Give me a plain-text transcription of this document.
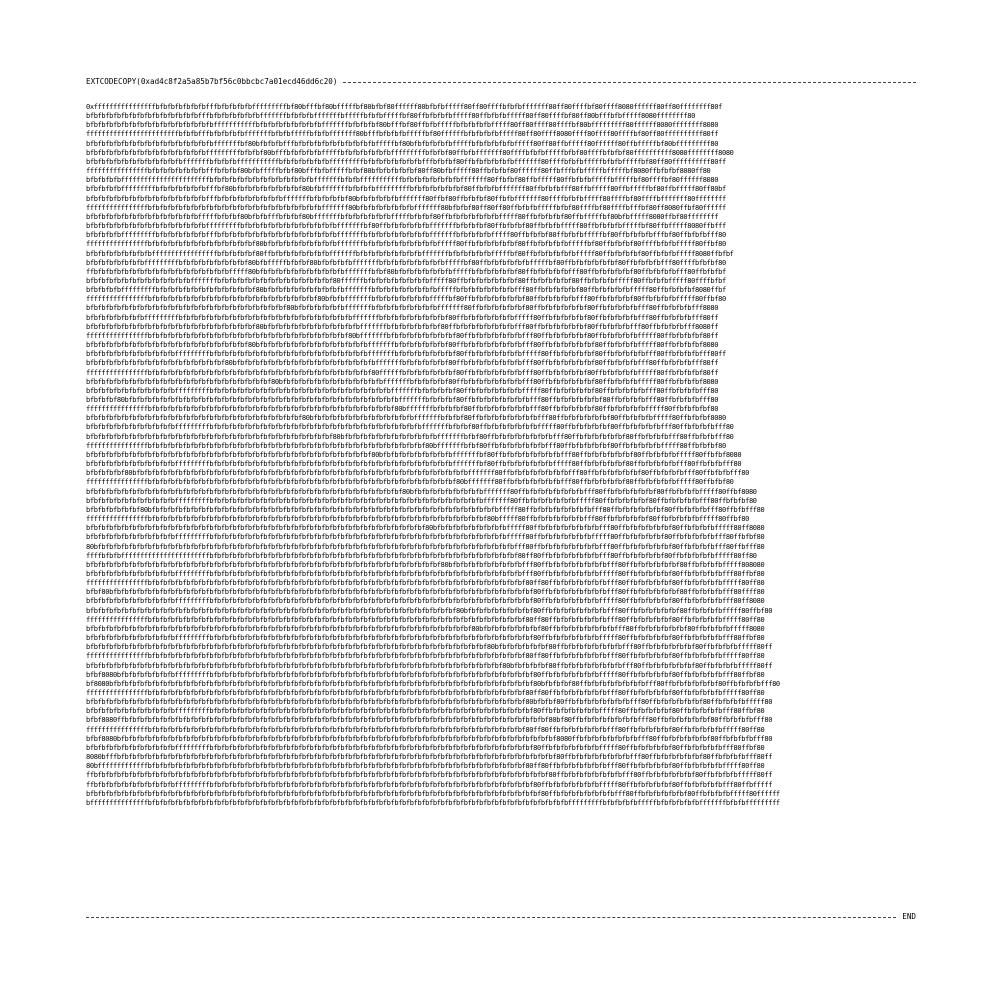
EXTCODECOPY(0xad4c8f2a5a85b7bf56c0bbcbc7a01ecd46dd6c20)
0xffffffffffffffffbfbfbfbfbfbfbfffbfbfbfbfbfffffffffbf80bfffbf80bfffffbf80bfbf80ffffff80bfbfbfffff80ff80ffffbfbfbfffffff80ff80ffffbf80ffff8080ffffff80ff80ffffffff80f
bfbfbfbfbfbfbfbfbfbfbfbfbfbfbfffbfbfbfbfbfbfbfffffffbfbfbfbfffffffbfffffbfbfbfffffbf80ffbfbfbfbfffff80ffbfbfbfffff80ff80ffffbf80ff80bfffbfbfffff8080ffffffff80
bfbfbfbfbfbfbfbfbfbfbfbfbfbfbfbfbfffffffffffbfbfbfbfbfbfbfbfbfffffffbfbfbfbf80bfffbf80ffbfbfffffbfbfbfbfbfffff80ff80ffff80ffffbf80bfffffffff80ffffff8080ffffffff8080
ffffffffffffffffffffffffbfbfbfffbfbfbfbfbfffffffbfbfbfffffbfbfbfffffff80bfffbfbfbfbfffffbf80ffffffbfbfbfbfbfffff80ff80ffff8080ffff80ffff80ffffbf80ff80ffffffffff80ff
bfbfbfbfbfbfbfbfbfbfbfbfbfbfbfbfbfffffffbf80bfbfbfbfffbfbfbfbfbfbfbfbfbfbfbfffffbf80bfbfbfbfbfbfffffbfbfbfbfbfbfffff80ff80ffbfffff80ffffff80ffbfffffbf80bfffffffff80
bfbfbfbfbfbfbfbfbfbfbfbfbfbfbfbfffffffffbfbfbf80bfffbfbfbfbfbfffffbfbfbfbfbfbfbfffffffffbfbfbf80ffbfbfffffff80ffffbfbfbfffffbfbf80ffffbfbfbf80ffffffffff8080ffffffff8080
bfbfbfbfbfbfbfbfbfbfbfbfbfffffffbfbfbfbfffffffffffbfbfbfbfbfbfbfffffffffbfbfbfbfbfbfbfbfffbfbfbf80ffbfbfbfbfbfbfffffff80ffffbfbfbfffffbfbfbfffffbf80ff80ffffffffff80ff
ffffffffffffffffbfbfbfbfbfbfbfbfffbfbfbf80bfbfffffbfbf80bfffbfbfffffbfbf80bfbfbfbfbfbf80ff80bfbfffff80ffbfbfbf80ffffff80ffbfffbfbfffffbfffffbf8080ffbfbfbf8080ff80
bfbfbfbfbfffffffffffffffffffffffbfbfbfbfbfbfbfbfbfbfbfbfbfbfffffffbfbfbfffffffffffbfbfbfbfbfbfbfbfffffff80ffbfbf80ffbfffff80ffbfbfbfffffbfffffbf80ffffbf80ffffff8080
bfbfbfbfbfffffffffbfbfbfbfbfbfbfffbf80bfbfbfbfbfbfbfbfbf80bfbfffffffbfbfbfbfffffffffbfbfbfbfbfbfbf80ffbfbfbfffffff80ffbfbfbfff80ffbfffff80ffbfffffbf80ffbfffff80ff80bf
bfbfbfbfbfbfbfbfbfbfbfbfbfbfbfbfffbfbfbfbfbfbfbfbfbfffffffbfbfbfbfbf80bfbfbfbfbfbfffffff80ffbf80ffbfbfbf80ffbfbfffffff80ffffbfbfbfffff80ffffbf80ffffbfffffff80ffffffff
ffffffffffffffffbfbfbfbfbfbfbfbfbfbfbfbfbfbfbfbfbfbfbfbfbfbfbfffffff80bfbfbfbfbfbfbfbfffffff80bfbfbf80ff80ff80ffbfbfbfffffbfbf80ffffbf80ffffbfffbf80ff8080ffbf80ffffff
bfbfbfbfbfbfbfbfbfbfbfbfbfbfbfffffbfbfbf80bfbfbfffbfbfbf80bfffffffbfbfbfbfbfbfbfffffbfbfbf80ffbfbfbfbfbfbfbfffff80ffbfbfbfbf80ffbfffffbf80bfbfffff8080ffbf80ffffffff
bfbfbfbfbfbfbfbfbfbfbfbfbfbfbfbfffffffffbfbfbfbfbfbfbfbfbfbfbfbfbfffffffbf80ffbfbfbfbfbfbfffffffbfbfbfbf80ffbfbfbf80ffbfbfbfffff80ffbfbfbfbfffffbf80ffbfffff8080ffbfff
bfbfbfbfbfffffffffbfbfbfbfbfbfbfffbfbfbfbfbfbfbfbfbfbfbfbfbfbfbfbfffffffbfbfbfbfbfbfbfbfbfffffffbfbfbfbfbfffff80ffbfbfbf80ffbfbfbfffffbf80ffbfbfbfbfffbf80ffbfbfbfff80
ffffffffffffffffbfbfbfbfbfbfbfbfbfbfbfbfbfbf80bfbfbfbfbfbfbfbfbfbfffffffbfbfbfbfbfbfbfbfbfbfffff80ffbfbfbfbfbfbf80ffbfbfbfbfbfffffbf80ffbfbfbf80ffffbfbfbfffff80ffbf80
bfbfbfbfbfbfbfbfbfffffffffffffffffbfbfbfbfbf80ffbfbfbfbfbfbfbfbfffffffbfbfbfbfbfbfbfbfbfffffffbfbfbfbfbfbfffffbf80ffbfbfbfbfbfbfffff80ffbfbfbfbf80ffbfbfbfffff8080ffbfbf
bfbfbfbfbfbfbfbfffffffffbfbfbfbfbfbfbfbfbf80bfbfffffbfbfbf80bfbfbfbfbfffffffbfbfbfbfbfbfbfbfbfffffbf80ffbfbfbfbfbfbfffffbf80ffbfbfbfbfbfbf80ffbfbfbfbfff80ffffbfbfbf80
ffbfbfbfbfbfbfbfbfbfbfbfbfbfbfbfbfbfbfffff80bfbfbfbfbfbfbfbfbfbfbfbfffffffbfbf80bfbfbfbfbfbfbfbfffffbfbfbfbfbfbf80ffbfbfbfbfbfff80ffbfbfbfbfbf80ffbfbfbfbfff80ffbfbfbf
bfbfbfbfbfbfbfbfbfbfbfbfbfbfffffffbfbfbfbfbfbfbfbfbfbfbfbfbfbfbf80ffffffbfbfbfbfbfbfbfbfbfffff80ffbfbfbfbfbfbfbf80ffbfbfbfbfbf80ffbfbfbfbfffff80ffbfbfbfffff80ffffbfbf
bfbfbfbfbfffffffffbfbfbfbfbfbfbfbfbfbfbfbfbf80bfbfbfbfbfbfbfbfbfbfbfffffffbfbfbfbfbfbfbfbfbfffffbfbfbfbfbfbfbfbfff80ffbfbfbfbfbf80ffbfbfbfbfbfffff80ffbfbfbfbf8080ffbf
ffffffffffffffffbfbfbfbfbfbfbfbfbfbfbfbfbfbfbfbfbfbfbfbfbfbf80bfbfbfffffffbfbfbfbfbfbfbfbfffffbf80ffbfbfbfbfbfbfbf80ffbfbfbfbfbfff80ffbfbfbfbf80ffbfbfbfbfffff80ffbf80
bfbfbfbfbfbfbfbfbfbfbfbfbfbfbfbfbfbfbfbfbfbfbfbfbfbf80bfbfbfbfbfbfbfffffffbfbfbfbfbfbfbfbfbfffffff80ffbfbfbfbfbfbf80ffbfbfbfbfbfbf80ffbfbfbfbfbfff80ffbfbfbfbfff8080
bfbfbfbfbfbfbfbfffffffffbfbfbfbfbfbfbfbfbfbfbfbfbfbfbfbfbfbfbfbfbfbfbfffffffbfbfbfbfbfbfbfbfbf80ffbfbfbfbfbfbfbfffff80ffbfbfbfbfbf80ffbfbfbfbfbfff80ffbfbfbfbfff80ff
bfbfbfbfbfbfbfbfbfbfbfbfbfbfbfbfbfbfbfbfbfbf80bfbfbfbfbfbfbfbfbfbfbfbfbfffffffbfbfbfbfbfbfbf80ffbfbfbfbfbfbfbfbfff80ffbfbfbfbfbfbf80ffbfbfbfbfff80ffbfbfbfbfff8080ff
ffffffffffffffffbfbfbfbfbfbfbfbfbfbfbfbfbfbfbfbfbfbfbfbfbfbfbfbfbfbf80bfffffffbfbfbfbfbfbfbfbfbf80ffbfbfbfbfbfbfbfff80ffbfbfbfbfbf80ffbfbfbfbfbfffff80ffbfbfbfbf80ff
bfbfbfbfbfbfbfbfbfbfbfbfbfbfbfbfbfbfbfbfbf80bfbfbfbfbfbfbfbfbfbfbfbfbfbfbfffffffbfbfbfbfbfbfbf80ffbfbfbfbfbfbfbfbfff80ffbfbfbfbfbfbf80ffbfbfbfbfffff80ffbfbfbfbf8080
bfbfbfbfbfbfbfbfbfbfbfbfffffffffbfbfbfbfbfbfbfbfbfbfbfbfbfbfbfbfbfbfbfbfbfffffffbfbfbfbfbfbfbfbf80ffbfbfbfbfbfbfbfffff80ffbfbfbfbfbf80ffbfbfbfbfbfff80ffbfbfbfbfff80ff
bfbfbfbfbfbfbfbfbfbfbfbfbfbfbfbfbfbf80bfbfbfbfbfbfbfbfbfbfbfbfbfbfbfbfbfbfbfffffffbfbfbfbfbfbf80ffbfbfbfbfbfbfbfbfff80ffbfbfbfbfbfbf80ffbfbfbfbfff80ffbfbfbfbfff80ff
ffffffffffffffffbfbfbfbfbfbfbfbfbfbfbfbfbfbfbfbfbfbfbfbfbfbfbfbfbfbfbfbfbf80ffffffbfbfbfbfbfbfbf80ffbfbfbfbfbfbfbfff80ffbfbfbfbfbf80ffbfbfbfbfbfffff80ffbfbfbfbf80ff
bfbfbfbfbfbfbfbfbfbfbfbfbfbfbfbfbfbfbfbfbfbfbfbf80bfbfbfbfbfbfbfbfbfbfbfbfbfbfffffffbfbfbfbfbf80ffbfbfbfbfbfbfbfbfff80ffbfbfbfbfbfbf80ffbfbfbfbfffff80ffbfbfbfbf8080
bfbfbfbfbfbfbfbfbfbfbfbfffffffffbfbfbfbfbfbfbfbfbfbfbfbfbfbfbfbfbfbfbfbfbfbfbfbfffffffbfbfbfbfbf80ffbfbfbfbfbfbfbfffff80ffbfbfbfbfbf80ffbfbfbfbfbfff80ffbfbfbfbfff80
bfbfbfbf80bfbfbfbfbfbfbfbfbfbfbfbfbfbfbfbfbfbfbfbfbfbfbfbfbfbfbfbfbfbfbfbfbfbfbfbfffffffbfbfbfbf80ffbfbfbfbfbfbfbfbfff80ffbfbfbfbfbfbf80ffbfbfbfbfff80ffbfbfbfbfff80
ffffffffffffffffbfbfbfbfbfbfbfbfbfbfbfbfbfbfbfbfbfbfbfbfbfbfbfbfbfbfbfbfbfbfbfbf80bfffffffbfbfbfbf80ffbfbfbfbfbfbfbfff80ffbfbfbfbfbf80ffbfbfbfbfbfffff80ffbfbfbfbf80
bfbfbfbfbfbfbfbfbfbfbfbfbfbfbfbfbfbfbfbfbfbfbfbfbfbfbfbf80bfbfbfbfbfbfbfbfbfbfbfbfbfbfffffffbfbfbf80ffbfbfbfbfbfbfbfbfff80ffbfbfbfbfbfbf80ffbfbfbfbfffff80ffbfbfbf8080
bfbfbfbfbfbfbfbfbfbfbfbfffffffffbfbfbfbfbfbfbfbfbfbfbfbfbfbfbfbfbfbfbfbfbfbfbfbfbfbfbfbfffffffbfbfbf80ffbfbfbfbfbfbfbfffff80ffbfbfbfbfbf80ffbfbfbfbfbfff80ffbfbfbfbfff80
bfbfbfbfbfbfbfbfbfbfbfbfbfbfbfbfbfbfbfbfbfbfbfbfbfbfbfbfbfbfbfbf80bfbfbfbfbfbfbfbfbfbfbfbfbfffffffbfbf80ffbfbfbfbfbfbfbfbfff80ffbfbfbfbfbfbf80ffbfbfbfbfff80ffbfbfbfff80
ffffffffffffffffbfbfbfbfbfbfbfbfbfbfbfbfbfbfbfbfbfbfbfbfbfbfbfbfbfbfbfbfbfbfbfbfbfbfbfbf80bfffffffbfbf80ffbfbfbfbfbfbfbfff80ffbfbfbfbfbf80ffbfbfbfbfbfffff80ffbfbfbf80
bfbfbfbfbfbfbfbfbfbfbfbfbfbfbfbfbfbfbfbfbfbfbfbfbfbfbfbfbfbfbfbfbfbfbfbfbf80bfbfbfbfbfbfbfbfbfbfffffffbf80ffbfbfbfbfbfbfbfbfff80ffbfbfbfbfbfbf80ffbfbfbfbfffff80ffbfbf8080
bfbfbfbfbfbfbfbfbfbfbfbfffffffffbfbfbfbfbfbfbfbfbfbfbfbfbfbfbfbfbfbfbfbfbfbfbfbfbfbfbfbfbfbfbfbfffffffbf80ffbfbfbfbfbfbfbfffff80ffbfbfbfbfbf80ffbfbfbfbfbfff80ffbfbfbfff80
bfbfbfbfbf80bfbfbfbfbfbfbfbfbfbfbfbfbfbfbfbfbfbfbfbfbfbfbfbfbfbfbfbfbfbfbfbfbfbfbfbfbfbfbfbfbfbfbfbfffffff80ffbfbfbfbfbfbfbfbfff80ffbfbfbfbfbfbf80ffbfbfbfbfff80ffbfbfbfff80
ffffffffffffffffbfbfbfbfbfbfbfbfbfbfbfbfbfbfbfbfbfbfbfbfbfbfbfbfbfbfbfbfbfbfbfbfbfbfbfbfbfbfbfbf80bfffffff80ffbfbfbfbfbfbfbfff80ffbfbfbfbfbf80ffbfbfbfbfbfffff80ffbfbf80
bfbfbfbfbfbfbfbfbfbfbfbfbfbfbfbfbfbfbfbfbfbfbfbfbfbfbfbfbfbfbfbfbfbfbfbfbfbfbfbfbf80bfbfbfbfbfbfbfbfbfbfffffff80ffbfbfbfbfbfbfbfbfff80ffbfbfbfbfbfbf80ffbfbfbfbfffff80ffbf8080
bfbfbfbfbfbfbfbfbfbfbfbfffffffffbfbfbfbfbfbfbfbfbfbfbfbfbfbfbfbfbfbfbfbfbfbfbfbfbfbfbfbfbfbfbfbfbfbfbfbfffffff80ffbfbfbfbfbfbfbfffff80ffbfbfbfbfbf80ffbfbfbfbfbfff80ffbfbfbf80
bfbfbfbfbfbfbf80bfbfbfbfbfbfbfbfbfbfbfbfbfbfbfbfbfbfbfbfbfbfbfbfbfbfbfbfbfbfbfbfbfbfbfbfbfbfbfbfbfbfbfbfbfbfffff80ffbfbfbfbfbfbfbfbfff80ffbfbfbfbfbfbf80ffbfbfbfbfff80ffbfbfff80
ffffffffffffffffbfbfbfbfbfbfbfbfbfbfbfbfbfbfbfbfbfbfbfbfbfbfbfbfbfbfbfbfbfbfbfbfbfbfbfbfbfbfbfbfbfbfbfbf80bfffff80ffbfbfbfbfbfbfbfff80ffbfbfbfbfbf80ffbfbfbfbfbfffff80ffbf80
bfbfbfbfbfbfbfbfbfbfbfbfbfbfbfbfbfbfbfbfbfbfbfbfbfbfbfbfbfbfbfbfbfbfbfbfbfbfbfbfbfbfbfbf80bfbfbfbfbfbfbfbfbfbfffff80ffbfbfbfbfbfbfbfbfff80ffbfbfbfbfbfbf80ffbfbfbfbfffff80ff8080
bfbfbfbfbfbfbfbfbfbfbfbfffffffffbfbfbfbfbfbfbfbfbfbfbfbfbfbfbfbfbfbfbfbfbfbfbfbfbfbfbfbfbfbfbfbfbfbfbfbfbfbfbfffff80ffbfbfbfbfbfbfbfffff80ffbfbfbfbfbf80ffbfbfbfbfbfff80ffbfbf80
80bfbfbfbfbfbfbfbfbfbfbfbfbfbfbfbfbfbfbfbfbfbfbfbfbfbfbfbfbfbfbfbfbfbfbfbfbfbfbfbfbfbfbfbfbfbfbfbfbfbfbfbfbfbfbfff80ffbfbfbfbfbfbfbfbfff80ffbfbfbfbfbfbf80ffbfbfbfbfff80ffbfff80
ffffbfbfbfffffffffffffffffffffffbfbfbfbfbfbfbfbfbfbfbfbfbfbfbfbfbfbfbfbfbfbfbfbfbfbfbfbfbfbfbfbfbfbfbfbfbfbfbfbf80ff80ffbfbfbfbfbfbfbfff80ffbfbfbfbfbf80ffbfbfbfbfbfffff80ff80
bfbfbfbfbfbfbfbfbfbfbfbfbfbfbfbfbfbfbfbfbfbfbfbfbfbfbfbfbfbfbfbfbfbfbfbfbfbfbfbfbfbfbfbfbfbf80bfbfbfbfbfbfbfbfbfbfff80ffbfbfbfbfbfbfbfbfff80ffbfbfbfbfbfbf80ffbfbfbfbfffff808080
bfbfbfbfbfbfbfbfbfbfbfbfffffffffbfbfbfbfbfbfbfbfbfbfbfbfbfbfbfbfbfbfbfbfbfbfbfbfbfbfbfbfbfbfbfbfbfbfbfbfbfbfbfbfbfff80ffbfbfbfbfbfbfbfffff80ffbfbfbfbfbf80ffbfbfbfbfbfff80ffbf80
ffffffffffffffffbfbfbfbfbfbfbfbfbfbfbfbfbfbfbfbfbfbfbfbfbfbfbfbfbfbfbfbfbfbfbfbfbfbfbfbfbfbfbfbfbfbfbfbfbfbfbfbfbf80ff80ffbfbfbfbfbfbfbfff80ffbfbfbfbfbf80ffbfbfbfbfbfffff80ff80
bfbf80bfbfbfbfbfbfbfbfbfbfbfbfbfbfbfbfbfbfbfbfbfbfbfbfbfbfbfbfbfbfbfbfbfbfbfbfbfbfbfbfbfbfbfbfbfbfbfbfbfbfbfbfbfbfbf80ffbfbfbfbfbfbfbfbfff80ffbfbfbfbfbfbf80ffbfbfbfbfff80ffff80
bfbfbfbfbfbfbfbfbfbfbfbfffffffffbfbfbfbfbfbfbfbfbfbfbfbfbfbfbfbfbfbfbfbfbfbfbfbfbfbfbfbfbfbfbfbfbfbfbfbfbfbfbfbfbfbf80ffbfbfbfbfbfbfbfffff80ffbfbfbfbfbf80ffbfbfbfbfbfff80ff8080
bfbfbfbfbfbfbfbfbfbfbfbfbfbfbfbfbfbfbfbfbfbfbfbfbfbfbfbfbfbfbfbfbfbfbfbfbfbfbfbfbfbfbfbfbfbfbfbf80bfbfbfbfbfbfbfbfbf80ffbfbfbfbfbfbfbfbfff80ffbfbfbfbfbfbf80ffbfbfbfbfffff80ffbf80
ffffffffffffffffbfbfbfbfbfbfbfbfbfbfbfbfbfbfbfbfbfbfbfbfbfbfbfbfbfbfbfbfbfbfbfbfbfbfbfbfbfbfbfbfbfbfbfbfbfbfbfbfbf80ff80ffbfbfbfbfbfbfbfff80ffbfbfbfbfbf80ffbfbfbfbfbfffff80ff80
bfbfbfbfbfbfbfbfbfbfbfbfbfbfbfbfbfbfbfbfbfbfbfbfbfbfbfbfbfbfbfbfbfbfbfbfbfbfbfbfbfbfbfbfbfbfbfbfbfbf80bfbfbfbfbfbfbfbf80ffbfbfbfbfbfbfbfbfff80ffbfbfbfbfbfbf80ffbfbfbfbfffff8080
bfbfbfbfbfbfbfbfbfbfbfbfffffffffbfbfbfbfbfbfbfbfbfbfbfbfbfbfbfbfbfbfbfbfbfbfbfbfbfbfbfbfbfbfbfbfbfbfbfbfbfbfbfbfbfbf80ffbfbfbfbfbfbfbfffff80ffbfbfbfbfbf80ffbfbfbfbfbfff80ffbf80
bfbfbfbfbfbfbfbfbfbfbfbfbfbfbfbfbfbfbfbfbfbfbfbfbfbfbfbfbfbfbfbfbfbfbfbfbfbfbfbfbfbfbfbfbfbfbfbfbfbfbfbf80bfbfbfbfbfbfbf80ffbfbfbfbfbfbfbfbfff80ffbfbfbfbfbfbf80ffbfbfbfbfffff80ff
ffffffffffffffffbfbfbfbfbfbfbfbfbfbfbfbfbfbfbfbfbfbfbfbfbfbfbfbfbfbfbfbfbfbfbfbfbfbfbfbfbfbfbfbfbfbfbfbfbfbfbfbfbf80ff80ffbfbfbfbfbfbfbfff80ffbfbfbfbfbf80ffbfbfbfbfbfffff80ff80
bfbfbfbfbfbfbfbfbfbfbfbfbfbfbfbfbfbfbfbfbfbfbfbfbfbfbfbfbfbfbfbfbfbfbfbfbfbfbfbfbfbfbfbfbfbfbfbfbfbfbfbfbfbf80bfbfbfbfbf80ffbfbfbfbfbfbfbfbfff80ffbfbfbfbfbfbf80ffbfbfbfbfffff80ff
bfbf8080bfbfbfbfbfbfbfbfffffffffbfbfbfbfbfbfbfbfbfbfbfbfbfbfbfbfbfbfbfbfbfbfbfbfbfbfbfbfbfbfbfbfbfbfbfbfbfbfbfbfbfbf80ffbfbfbfbfbfbfbfffff80ffbfbfbfbfbf80ffbfbfbfbfbfff80ffbf80
bf8080bfbfbfbfbfbfbfbfbfbfbfbfbfbfbfbfbfbfbfbfbfbfbfbfbfbfbfbfbfbfbfbfbfbfbfbfbfbfbfbfbfbfbfbfbfbfbfbfbfbfbfbfbfbfbf80bfbfbfbf80ffbfbfbfbfbfbfbfbfff80ffbfbfbfbfbfbf80ffbfbfbfbfff80
ffffffffffffffffbfbfbfbfbfbfbfbfbfbfbfbfbfbfbfbfbfbfbfbfbfbfbfbfbfbfbfbfbfbfbfbfbfbfbfbfbfbfbfbfbfbfbfbfbfbfbfbfbf80ff80ffbfbfbfbfbfbfbfff80ffbfbfbfbfbf80ffbfbfbfbfbfffff80ff80
bfbfbfbfbfbfbfbfbfbfbfbfbfbfbfbfbfbfbfbfbfbfbfbfbfbfbfbfbfbfbfbfbfbfbfbfbfbfbfbfbfbfbfbfbfbfbfbfbfbfbfbfbfbfbfbfbf80bfbfbf80ffbfbfbfbfbfbfbfbfff80ffbfbfbfbfbfbf80ffbfbfbfbfffff80
bfbfbfbfbfbfbfbfbfbfbfbfffffffffbfbfbfbfbfbfbfbfbfbfbfbfbfbfbfbfbfbfbfbfbfbfbfbfbfbfbfbfbfbfbfbfbfbfbfbfbfbfbfbfbfbf80ffbfbfbfbfbfbfbfffff80ffbfbfbfbfbf80ffbfbfbfbfbfff80ffbf80
bfbf8080ffbfbfbfbfbfbfbfbfbfbfbfbfbfbfbfbfbfbfbfbfbfbfbfbfbfbfbfbfbfbfbfbfbfbfbfbfbfbfbfbfbfbfbfbfbfbfbfbfbfbfbfbfbfbfbf80bf80ffbfbfbfbfbfbfbfbfff80ffbfbfbfbfbfbf80ffbfbfbfbfff80
ffffffffffffffffbfbfbfbfbfbfbfbfbfbfbfbfbfbfbfbfbfbfbfbfbfbfbfbfbfbfbfbfbfbfbfbfbfbfbfbfbfbfbfbfbfbfbfbfbfbfbfbfbf80ff80ffbfbfbfbfbfbfbfff80ffbfbfbfbfbf80ffbfbfbfbfbfffff80ff80
bfbf8080bfbfbfbfbfbfbfbfbfbfbfbfbfbfbfbfbfbfbfbfbfbfbfbfbfbfbfbfbfbfbfbfbfbfbfbfbfbfbfbfbfbfbfbfbfbfbfbfbfbfbfbfbfbfbfbfbf8080ffbfbfbfbfbfbfbfbfff80ffbfbfbfbfbfbf80ffbfbfbfbfff80
bfbfbfbfbfbfbfbfbfbfbfbfffffffffbfbfbfbfbfbfbfbfbfbfbfbfbfbfbfbfbfbfbfbfbfbfbfbfbfbfbfbfbfbfbfbfbfbfbfbfbfbfbfbfbfbf80ffbfbfbfbfbfbfbfffff80ffbfbfbfbfbf80ffbfbfbfbfbfff80ffbf80
8080bfffbfbfbfbfbfbfbfbfbfbfbfbfbfbfbfbfbfbfbfbfbfbfbfbfbfbfbfbfbfbfbfbfbfbfbfbfbfbfbfbfbfbfbfbfbfbfbfbfbfbfbfbfbfbfbfbfbf80ffbfbfbfbfbfbfbfbfff80ffbfbfbfbfbfbf80ffbfbfbfbfff80ff
80bfffffffffffffbfbfbfbfbfbfbfbfbfbfbfbfbfbfbfbfbfbfbfbfbfbfbfbfbfbfbfbfbfbfbfbfbfbfbfbfbfbfbfbfbfbfbfbfbfbfbfbfbf80ff80ffbfbfbfbfbfbfbfff80ffbfbfbfbfbf80ffbfbfbfbfbfffff80ff80
ffbfbfbfbfbfbfbfbfbfbfbfbfbfbfbfbfbfbfbfbfbfbfbfbfbfbfbfbfbfbfbfbfbfbfbfbfbfbfbfbfbfbfbfbfbfbfbfbfbfbfbfbfbfbfbfbfbfbfbf80ffbfbfbfbfbfbfbfbfff80ffbfbfbfbfbfbf80ffbfbfbfbfffff80ff
ffbfbfbfbfbfbfbfbfbfbfbfffffffffbfbfbfbfbfbfbfbfbfbfbfbfbfbfbfbfbfbfbfbfbfbfbfbfbfbfbfbfbfbfbfbfbfbfbfbfbfbfbfbfbfbf80ffbfbfbfbfbfbfbfffff80ffbfbfbfbfbf80ffbfbfbfbfbfff80ffbfffff
bfbfbfbfbfbfbfbfbfbfbfbfbfbfbfbfbfbfbfbfbfbfbfbfbfbfbfbfbfbfbfbfbfbfbfbfbfbfbfbfbfbfbfbfbfbfbfbfbfbfbfbfbfbfbfbfbfbfbf80ffbfbfbfbfbfbfbfbfff80ffbfbfbfbfbfbf80ffbfbfbfbfffff80ffffff
bfffffffffffffffbfbfbfbfbfbfbfbfbfbfbfbfbfbfbfbfbfbfbfbfbfbfbfbfbfbfbfbfbfbfbfbfbfbfbfbfbfbfbfbfbfbfbfbfbfbfbfbfbfbfbfbfbfbfbfffffffffbfbfbfbfbfffffbfbfbfbfbfbfffffffbfbfbfffffffff
END
